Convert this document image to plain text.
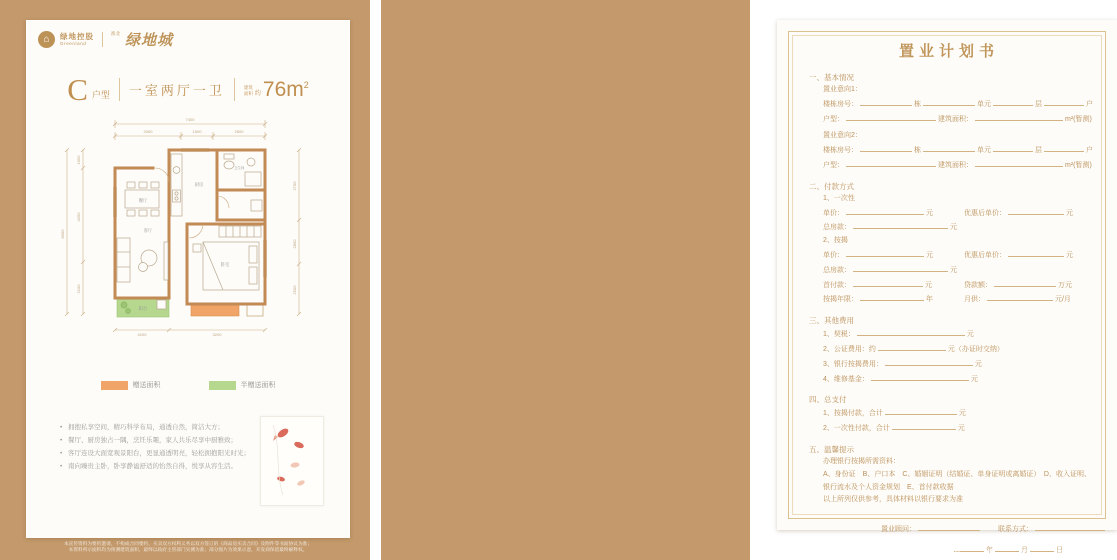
⌂	绿地控股
Greenland
淮北 绿地城
C 户型 一室两厅一卫	建筑
面积 约 $76m^2$
7400
3300	1500	2600
8000
1650
4250
2100
2700
2800
2500
4200	3200
餐厅
厨房
卫生间
客厅
卧室
阳台
赠送面积	半赠送面积
• 拥抱私享空间，精巧科学布局，通透自然，简洁大方；
• 餐厅、厨房独占一隅，烹饪乐趣，家人共乐尽享中厨雅致；
• 客厅连设大面宽观景阳台，更显通透明亮，轻松拥抱阳光时光；
• 南向臻贵主卧，卧享静谧舒适的怡然自得，悦享从容生活。
本宣传资料为要约邀请，不构成合同要约，买卖双方权利义务以双方签订的《商品房买卖合同》及附件等书面协议为准；
本资料所示面积均为预测建筑面积，最终以政府主管部门实测为准；部分图片为效果示意，开发商保留最终解释权。
置业计划书
一、基本情况
置业意向1：
楼栋房号：	栋	单元	层	户
户型：	建筑面积：	m²(暂测)
置业意向2：
楼栋房号：	栋	单元	层	户
户型：	建筑面积：	m²(暂测)
二、付款方式
1、一次性
单价：	元	优惠后单价：	元
总房款：	元
2、按揭
单价：	元	优惠后单价：	元
总房款：	元
首付款：	元	贷款额：	万元
按揭年限：	年	月供：	元/月
三、其他费用
1、契税：	元
2、公证费用：约	元（办证时交纳）
3、银行按揭费用：	元
4、维修基金：	元
四、总支付
1、按揭付款，合计	元
2、一次性付款，合计	元
五、温馨提示
办理银行按揭所需资料：
A、身份证　B、户口本　C、婚姻证明（结婚证、单身证明或离婚证）　D、收入证明、
银行流水及个人资金规划　E、首付款收据
以上所列仅供参考，具体材料以银行要求为准
置业顾问：	联系方式：
年	月	日
绿 地 城
